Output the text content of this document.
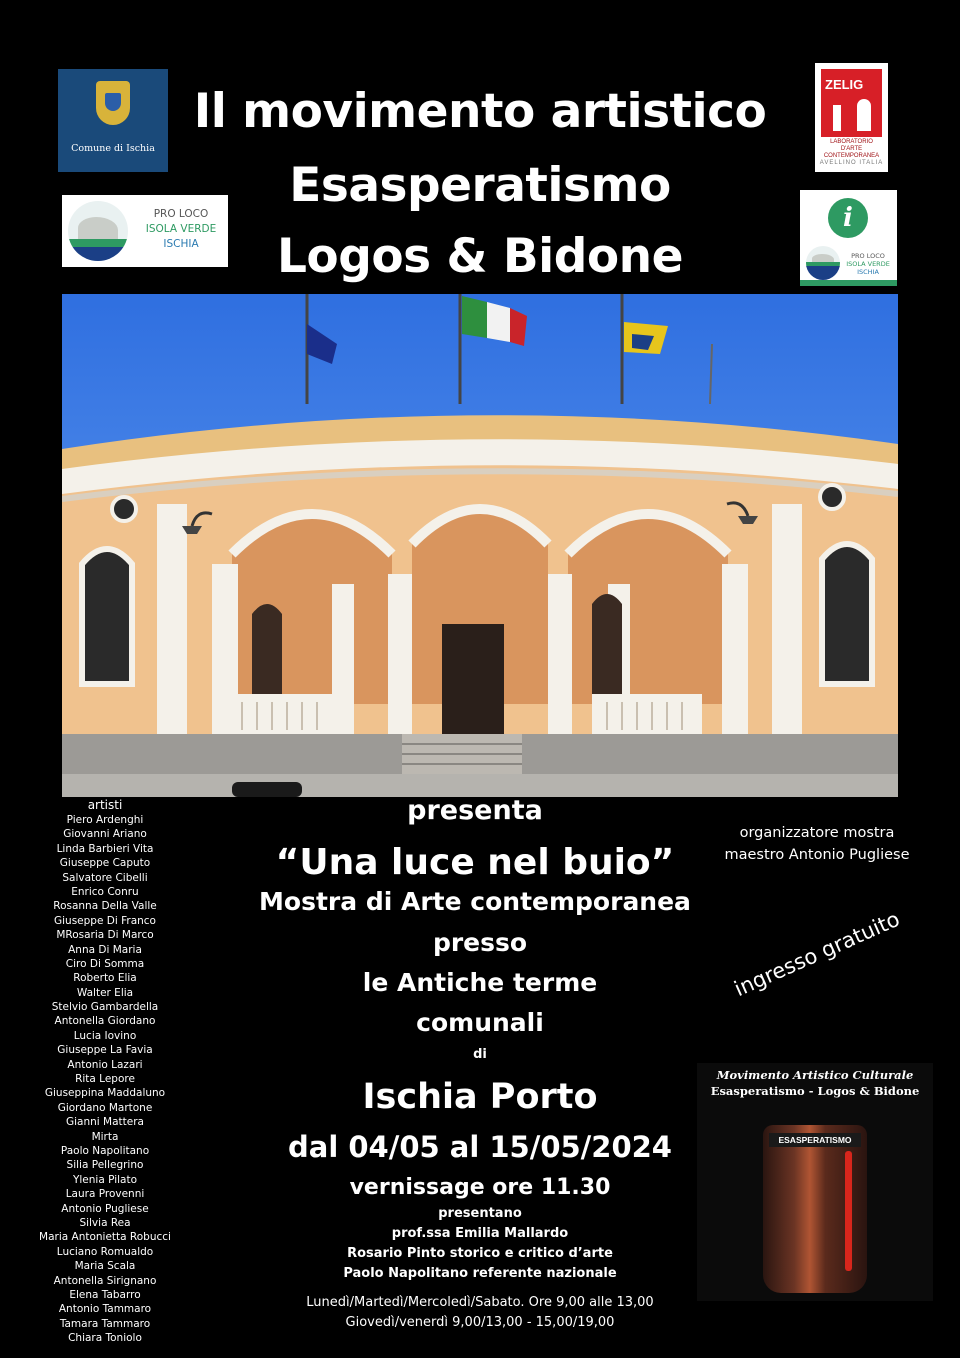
Il movimento artistico
Esasperatismo
Logos & Bidone
Comune di Ischia
PRO LOCO
ISOLA VERDE
ISCHIA
ZELIG
LABORATORIO D'ARTE
CONTEMPORANEA
AVELLINO ITALIA
i
PRO LOCO
ISOLA VERDE
ISCHIA
artisti
Piero Ardenghi
Giovanni Ariano
Linda Barbieri Vita
Giuseppe Caputo
Salvatore Cibelli
Enrico Conru
Rosanna Della Valle
Giuseppe Di Franco
MRosaria Di Marco
Anna Di Maria
Ciro Di Somma
Roberto Elia
Walter Elia
Stelvio Gambardella
Antonella Giordano
Lucia Iovino
Giuseppe La Favia
Antonio Lazari
Rita Lepore
Giuseppina Maddaluno
Giordano Martone
Gianni Mattera
Mirta
Paolo Napolitano
Silia Pellegrino
Ylenia Pilato
Laura Provenni
Antonio Pugliese
Silvia Rea
Maria Antonietta Robucci
Luciano Romualdo
Maria Scala
Antonella Sirignano
Elena Tabarro
Antonio Tammaro
Tamara Tammaro
Chiara Toniolo
presenta
“Una luce nel buio”
Mostra di Arte contemporanea
presso
le Antiche terme
comunali
di
Ischia Porto
dal 04/05 al 15/05/2024
vernissage ore 11.30
presentano
prof.ssa Emilia Mallardo
Rosario Pinto storico e critico d’arte
Paolo Napolitano referente nazionale
Lunedì/Martedì/Mercoledì/Sabato. Ore 9,00 alle 13,00
Giovedì/venerdì 9,00/13,00 - 15,00/19,00
organizzatore mostra
maestro Antonio Pugliese
ingresso gratuito
Movimento Artistico Culturale
Esasperatismo - Logos & Bidone
ESASPERATISMO
